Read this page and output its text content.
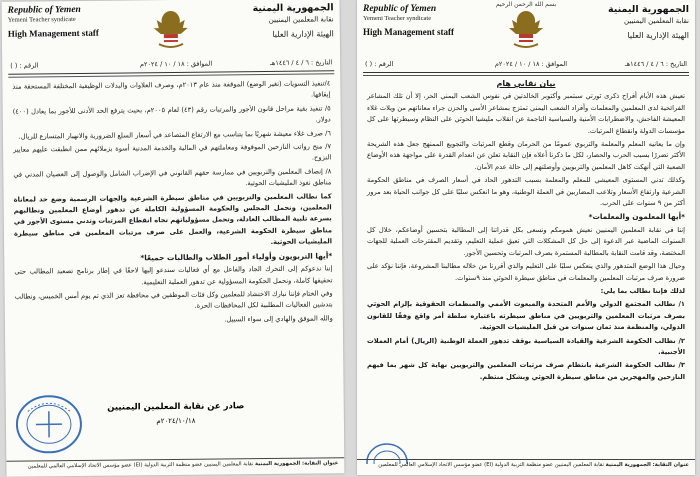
الجمهورية اليمنية
نقابة المعلمين اليمنيين
الهيئة الإدارية العليا
Republic of Yemen
Yemeni Teacher syndicate
High Management staff
التاريخ : ٦ / ٤ / ١٤٤٦هـ
الموافق : ١٨ / ١٠ / ٢٠٢٤م
الرقم : ( )

٤/تنفيذ التسويات (تغير الوضع) الموقفة منذ عام ٢٠١٣م، وصرف العلاوات والبدلات الوظيفية المختلفة المستحقة منذ إيقافها.

٥/ تنفيذ بقية مراحل قانون الأجور والمرتبات رقم (٤٣) لعام ٢٠٠٥م، بحيث يترفع الحد الأدنى للأجور بما يعادل (٤٠٠) دولار.

٦/ صرف غلاء معيشة شهريًا بما يتناسب مع الارتفاع المتصاعد في أسعار السلع الضرورية والانهيار المتسارع للريال.

٧/ منح رواتب النازحين الموقوفة ومعاملتهم في المالية والخدمة المدنية أسوة بزملائهم ممن انطبقت عليهم معايير النزوح.

٨/ إنصاف المعلمين والتربويين في ممارسة حقهم القانوني في الإضراب الشامل والوصول إلى العصيان المدني في مناطق نفوذ المليشيات الحوثية.

كما نطالب المعلمين والتربويين في مناطق سيطرة الشرعية والجهات الرسمية وضع حد لمعاناة المعلمين، ونحمل المجلس والحكومة المسؤولية الكاملة عن تدهور أوضاع المعلمين ونطالبهم بسرعة تلبية المطالب العادلة، وتحمل مسؤولياتهم تجاه انقطاع المرتبات وتدني مستوى الأجور في مناطق سيطرة الحكومة الشرعية، والعمل على صرف مرتبات المعلمين في مناطق سيطرة المليشيات الحوثية.

*أيها التربويون وأولياء أمور الطلاب والطالبات جميعًا*

إننا ندعوكم إلى التحرك الجاد والفاعل مع أي فعاليات سندعو إليها لاحقًا في إطار برنامج تصعيد المطالب حتى تحقيقها كاملة، ونحمل الحكومة المسؤولية عن تدهور العملية التعليمية.

وفي الختام فإننا نبارك الاحتشاد للمعلمين وكل فئات الموظفين في محافظة تعز الذي تم يوم أمس الخميس، ونطالب بتدشين الفعاليات المطلبية لكل المحافظات الحرة.

والله الموفق والهادي إلى سواء السبيل.

صادر عن نقابة المعلمين اليمنيين
٢٠٢٤/١٠/١٨م
عنوان النقابة: الجمهورية اليمنية نقابة المعلمين اليمنيين عضو منظمة التربية الدولية (EI) عضو مؤسس الاتحاد الإسلامي العالمي للمعلمين
بسم الله الرحمن الرحيم	الجمهورية اليمنية
نقابة المعلمين اليمنيين
الهيئة الإدارية العليا
Republic of Yemen
Yemeni Teacher syndicate
High Management staff
التاريخ : ٦ / ٤ / ١٤٤٦هـ
الموافق : ١٨ / ١٠ / ٢٠٢٤م
الرقم : ( )
بيان نقابي هام

تعيش هذه الأيام أفراح ذكرى ثورتي سبتمبر وأكتوبر الخالدتين في نفوس الشعب اليمني الحر، إلا أن تلك المشاعر الفرائحية لدى المعلمين والمعلمات وأفراد الشعب اليمني تمتزج بمشاعر الأسى والحزن جراء معاناتهم من ويلات غلاء المعيشة الفاحش، والاضطرابات الأمنية والسياسية الناجمة عن انقلاب مليشيا الحوثي على النظام وسيطرتها على كل مؤسسات الدولة وانقطاع المرتبات.

وإن ما يعانيه المعلم والمعلمة والتربوي عمومًا من الحرمان وقطع المرتبات والتجويع الممنهج جعل هذه الشريحة الأكثر تضررًا بسبب الحرب والحصار، لكل ما ذكرنا أعلاه فإن النقابة تعلن عن انعدام القدرة على مواجهة هذه الأوضاع الصعبة التي أنهكت كاهل المعلمين والتربويين وأوصلتهم إلى حالة عدم الأمان.

وكذلك تدني المستوى المعيشي للمعلم والمعلمة بسبب التدهور الحاد في أسعار الصرف في مناطق الحكومة الشرعية وارتفاع الأسعار وتلاعب المضاربين في العملة الوطنية، وهو ما انعكس سلبًا على كل جوانب الحياة بعد مرور أكثر من ٩ سنوات على الحرب.

*أيها المعلمون والمعلمات*

إننا في نقابة المعلمين اليمنيين نعيش همومكم ونسعى بكل قدراتنا إلى المطالبة بتحسين أوضاعكم، خلال كل السنوات الماضية عبر الدعوة إلى حل كل المشكلات التي تعيق عملية التعليم، وتقديم المقترحات العملية للجهات المختصة، وقد قامت النقابة بالمطالبة المستمرة بصرف المرتبات وتحسين الأجور.

وحيال هذا الوضع المتدهور والذي ينعكس سلبًا على التعليم والذي أقررنا من خلاله مطالبنا المشروعة، فإننا نؤكد على ضرورة صرف مرتبات المعلمين والمعلمات في مناطق سيطرة الحوثي منذ ٩سنوات.

لذلك فإننا نطالب بما يلي:

١/ نطالب المجتمع الدولي والأمم المتحدة والمبعوث الأممي والمنظمات الحقوقية بإلزام الحوثي بصرف مرتبات المعلمين والتربويين في مناطق سيطرته باعتباره سلطة أمر واقع وفقًا للقانون الدولي، والمنظمة منذ ثمان سنوات من قبل المليشيات الحوثية.

٢/ نطالب الحكومة الشرعية والقيادة السياسية بوقف تدهور العملة الوطنية (الريال) أمام العملات الأجنبية.

٣/ نطالب الحكومة الشرعية بانتظام صرف مرتبات المعلمين والتربويين نهاية كل شهر بما فيهم النازحين والمهجرين من مناطق سيطرة الحوثي وبشكل منتظم.

عنوان النقابة: الجمهورية اليمنية نقابة المعلمين اليمنيين عضو منظمة التربية الدولية (EI) عضو مؤسس الاتحاد الإسلامي العالمي للمعلمين
